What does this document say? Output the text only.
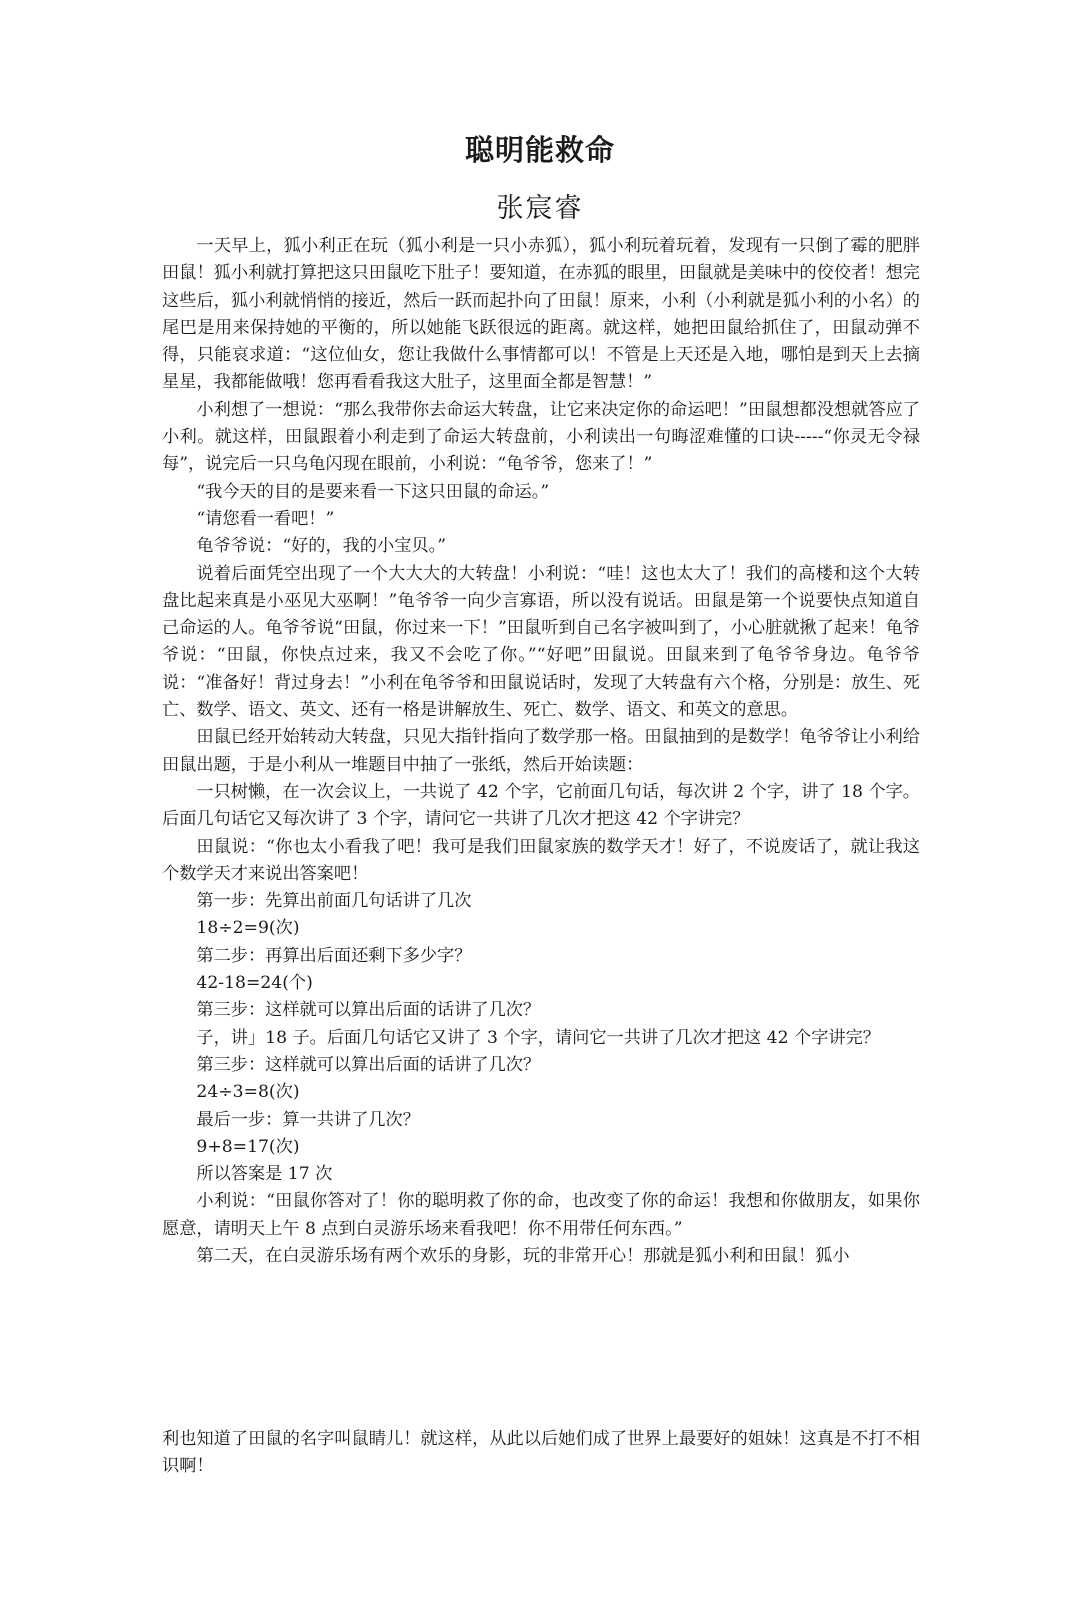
聪明能救命
张宸睿

一天早上，狐小利正在玩（狐小利是一只小赤狐），狐小利玩着玩着，发现有一只倒了霉的肥胖田鼠！狐小利就打算把这只田鼠吃下肚子！要知道，在赤狐的眼里，田鼠就是美味中的佼佼者！想完这些后，狐小利就悄悄的接近，然后一跃而起扑向了田鼠！原来，小利（小利就是狐小利的小名）的尾巴是用来保持她的平衡的，所以她能飞跃很远的距离。就这样，她把田鼠给抓住了，田鼠动弹不得，只能哀求道：“这位仙女，您让我做什么事情都可以！不管是上天还是入地，哪怕是到天上去摘星星，我都能做哦！您再看看我这大肚子，这里面全都是智慧！”

小利想了一想说：“那么我带你去命运大转盘，让它来决定你的命运吧！”田鼠想都没想就答应了小利。就这样，田鼠跟着小利走到了命运大转盘前，小利读出一句晦涩难懂的口诀-----“你灵无令禄每”，说完后一只乌龟闪现在眼前，小利说：“龟爷爷，您来了！”

“我今天的目的是要来看一下这只田鼠的命运。”

“请您看一看吧！”

龟爷爷说：“好的，我的小宝贝。”

说着后面凭空出现了一个大大大的大转盘！小利说：“哇！这也太大了！我们的高楼和这个大转盘比起来真是小巫见大巫啊！”龟爷爷一向少言寡语，所以没有说话。田鼠是第一个说要快点知道自己命运的人。龟爷爷说“田鼠，你过来一下！”田鼠听到自己名字被叫到了，小心脏就揪了起来！龟爷爷说：“田鼠，你快点过来，我又不会吃了你。”“好吧”田鼠说。田鼠来到了龟爷爷身边。龟爷爷说：“准备好！背过身去！”小利在龟爷爷和田鼠说话时，发现了大转盘有六个格，分别是：放生、死亡、数学、语文、英文、还有一格是讲解放生、死亡、数学、语文、和英文的意思。

田鼠已经开始转动大转盘，只见大指针指向了数学那一格。田鼠抽到的是数学！龟爷爷让小利给田鼠出题，于是小利从一堆题目中抽了一张纸，然后开始读题：

一只树懒，在一次会议上，一共说了 42 个字，它前面几句话，每次讲 2 个字，讲了 18 个字。后面几句话它又每次讲了 3 个字，请问它一共讲了几次才把这 42 个字讲完？

田鼠说：“你也太小看我了吧！我可是我们田鼠家族的数学天才！好了，不说废话了，就让我这个数学天才来说出答案吧！

第一步：先算出前面几句话讲了几次

18÷2=9(次)

第二步：再算出后面还剩下多少字？

42-18=24(个)

第三步：这样就可以算出后面的话讲了几次？

子，讲」18 子。后面几句话它又讲了 3 个字，请问它一共讲了几次才把这 42 个字讲完？

第三步：这样就可以算出后面的话讲了几次？

24÷3=8(次)

最后一步：算一共讲了几次？

9+8=17(次)

所以答案是 17 次

小利说：“田鼠你答对了！你的聪明救了你的命，也改变了你的命运！我想和你做朋友，如果你愿意，请明天上午 8 点到白灵游乐场来看我吧！你不用带任何东西。”

第二天，在白灵游乐场有两个欢乐的身影，玩的非常开心！那就是狐小利和田鼠！狐小

利也知道了田鼠的名字叫鼠睛儿！就这样，从此以后她们成了世界上最要好的姐妹！这真是不打不相识啊！
